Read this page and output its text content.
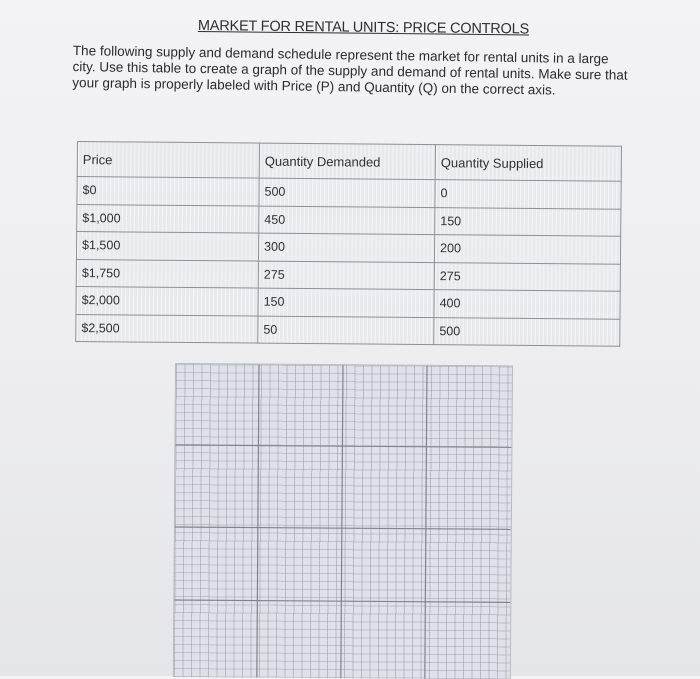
MARKET FOR RENTAL UNITS: PRICE CONTROLS
The following supply and demand schedule represent the market for rental units in a large city. Use this table to create a graph of the supply and demand of rental units. Make sure that your graph is properly labeled with Price (P) and Quantity (Q) on the correct axis.
Price	Quantity Demanded	Quantity Supplied
$0	500	0
$1,000	450	150
$1,500	300	200
$1,750	275	275
$2,000	150	400
$2,500	50	500
